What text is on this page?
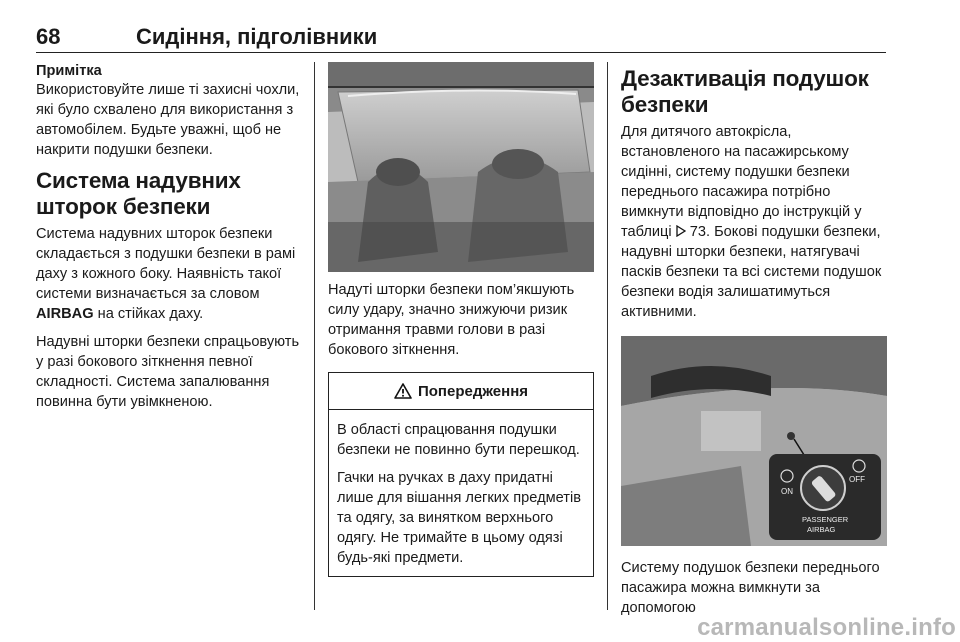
68	Сидіння, підголівники

Примітка

Використовуйте лише ті захисні чохли, які було схвалено для використання з автомобілем. Будьте уважні, щоб не накрити подушки безпеки.

Система надувних шторок безпеки

Система надувних шторок безпеки складається з подушки безпеки в рамі даху з кожного боку. Наявність такої системи визначається за словом AIRBAG на стійках даху.

Надувні шторки безпеки спрацьовують у разі бокового зіткнення певної складності. Система запалювання повинна бути увімкненою.

Надуті шторки безпеки пом’якшують силу удару, значно знижуючи ризик отримання травми голови в разі бокового зіткнення.

Попередження

В області спрацювання подушки безпеки не повинно бути перешкод.

Гачки на ручках в даху придатні лише для вішання легких предметів та одягу, за винятком верхнього одягу. Не тримайте в цьому одязі будь-які предмети.

Дезактивація подушок безпеки

Для дитячого автокрісла, встановленого на пасажирському сидінні, систему подушки безпеки переднього пасажира потрібно вимкнути відповідно до інструкцій у таблиці  73. Бокові подушки безпеки, надувні шторки безпеки, натягувачі пасків безпеки та всі системи подушок безпеки водія залишатимуться активними.

ON
OFF
PASSENGER
AIRBAG

Систему подушок безпеки переднього пасажира можна вимкнути за допомогою

carmanualsonline.info
